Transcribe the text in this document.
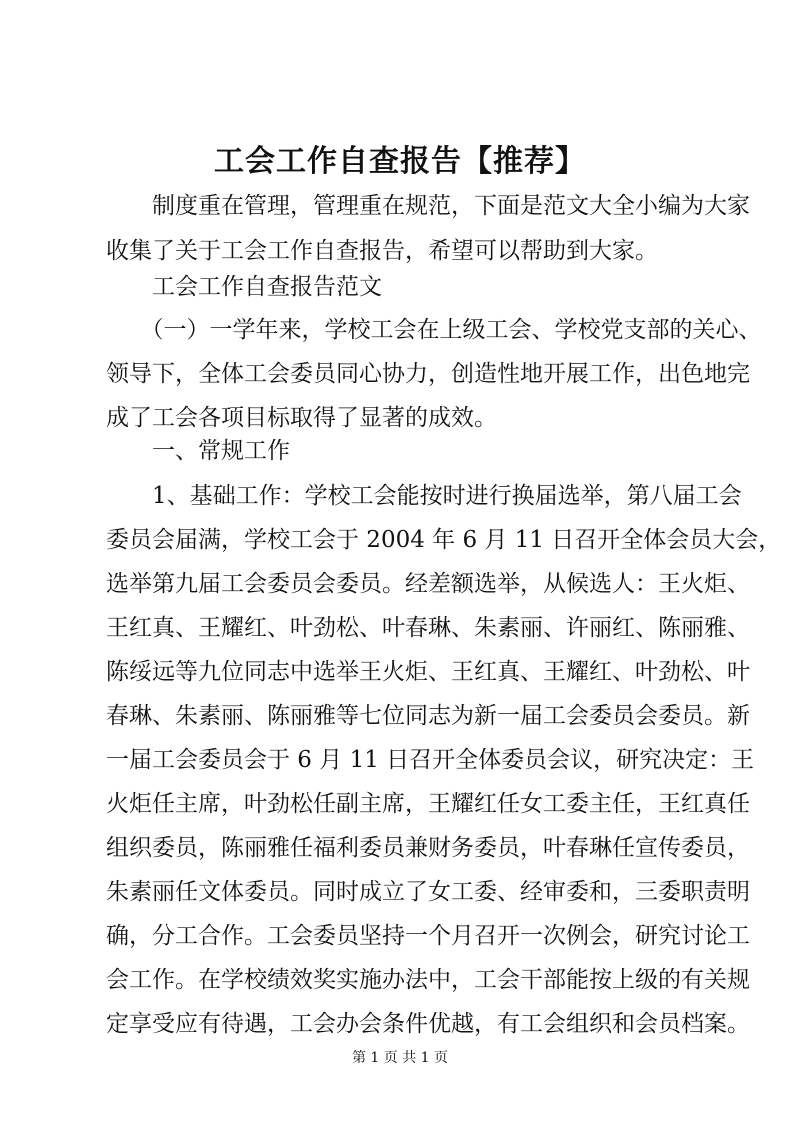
工会工作自查报告【推荐】
　　制度重在管理，管理重在规范，下面是范文大全小编为大家
收集了关于工会工作自查报告，希望可以帮助到大家。
　　工会工作自查报告范文
　　（一）一学年来，学校工会在上级工会、学校党支部的关心、
领导下，全体工会委员同心协力，创造性地开展工作，出色地完
成了工会各项目标取得了显著的成效。
　　一、常规工作
　　1、基础工作：学校工会能按时进行换届选举，第八届工会
委员会届满，学校工会于 2004 年 6 月 11 日召开全体会员大会，
选举第九届工会委员会委员。经差额选举，从候选人：王火炬、
王红真、王耀红、叶劲松、叶春琳、朱素丽、许丽红、陈丽雅、
陈绥远等九位同志中选举王火炬、王红真、王耀红、叶劲松、叶
春琳、朱素丽、陈丽雅等七位同志为新一届工会委员会委员。新
一届工会委员会于 6 月 11 日召开全体委员会议，研究决定：王
火炬任主席，叶劲松任副主席，王耀红任女工委主任，王红真任
组织委员，陈丽雅任福利委员兼财务委员，叶春琳任宣传委员，
朱素丽任文体委员。同时成立了女工委、经审委和，三委职责明
确，分工合作。工会委员坚持一个月召开一次例会，研究讨论工
会工作。在学校绩效奖实施办法中，工会干部能按上级的有关规
定享受应有待遇，工会办会条件优越，有工会组织和会员档案。
第 1 页 共 1 页
